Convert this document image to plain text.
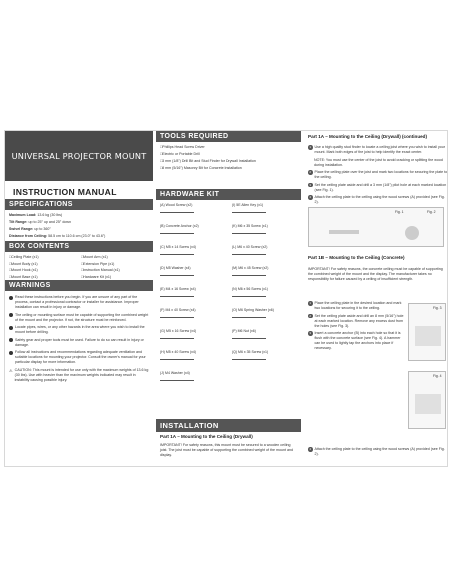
UNIVERSAL PROJECTOR MOUNT
INSTRUCTION MANUAL
SPECIFICATIONS
Maximum Load: 13.6 kg (30 lbs)
Tilt Range: up to 25° up and 25° down
Swivel Range: up to 360°
Distance from Ceiling: 58.5 cm to 110.6 cm (23.0" to 43.6")
BOX CONTENTS
□ Ceiling Plate (x1)	□ Mount Arm (x1)
□ Mount Body (x1)	□ Extension Pipe (x1)
□ Mount Hook (x1)	□ Instruction Manual (x1)
□ Mount Base (x1)	□ Hardware Kit (x1)
WARNINGS
Read these instructions before you begin. If you are unsure of any part of the process, contact a professional contractor or installer for assistance. Improper installation can result in injury or damage.
The ceiling or mounting surface must be capable of supporting the combined weight of the mount and the projector. If not, the structure must be reinforced.
Locate pipes, wires, or any other hazards in the area where you wish to install the mount before drilling.
Safety gear and proper tools must be used. Failure to do so can result in injury or damage.
Follow all instructions and recommendations regarding adequate ventilation and suitable locations for mounting your projector. Consult the owner's manual for your particular display for more information.
⚠ CAUTION: This mount is intended for use only with the maximum weights of 13.6 kg (30 lbs). Use with heavier than the maximum weights indicated may result in instability causing possible injury.
TOOLS REQUIRED
□ Phillips Head Screw Driver
□ Electric or Portable Drill
□ 3 mm (1/8") Drill Bit and Stud Finder for Drywall Installation
□ 8 mm (5/16") Masonry Bit for Concrete Installation
HARDWARE KIT
(A) Wood Screw (x2)	(I) 5E Allen Key (x1)
(B) Concrete Anchor (x2)	(K) M6 x 35 Screw (x1)
(C) M5 x 14 Screw (x4)	(L) M6 x 40 Screw (x2)
(D) M5 Washer (x4)	(M) M6 x 45 Screw (x2)
(E) M4 x 16 Screw (x4)	(N) M6 x 56 Screw (x1)
(F) M4 x 40 Screw (x4)	(O) M6 Spring Washer (x6)
(G) M5 x 16 Screw (x4)	(P) M6 Nut (x6)
(H) M5 x 40 Screw (x4)	(Q) M6 x 35 Screw (x1)
(J) M4 Washer (x4)
INSTALLATION
Part 1A – Mounting to the Ceiling (Drywall)
IMPORTANT! For safety reasons, this mount must be secured to a wooden ceiling joist. The joist must be capable of supporting the combined weight of the mount and display.
Part 1A – Mounting to the Ceiling (Drywall) (continued)
1 Use a high quality stud finder to locate a ceiling joist where you wish to install your mount. Mark both edges of the joist to help identify the exact center.
NOTE: You must use the center of the joist to avoid cracking or splitting the wood during installation.
2 Place the ceiling plate over the joist and mark two locations for securing the plate to the ceiling.
3 Set the ceiling plate aside and drill a 3 mm (1/8") pilot hole at each marked location (see Fig. 1).
4 Attach the ceiling plate to the ceiling using the wood screws (A) provided (see Fig. 2).
Fig. 1	Fig. 2
Part 1B – Mounting to the Ceiling (Concrete)
IMPORTANT! For safety reasons, the concrete ceiling must be capable of supporting the combined weight of the mount and the display. The manufacturer takes no responsibility for failure caused by a ceiling of insufficient strength.
1 Place the ceiling plate in the desired location and mark two locations for securing it to the ceiling.
2 Set the ceiling plate aside and drill an 8 mm (5/16") hole at each marked location. Remove any excess dust from the holes (see Fig. 3).
3 Insert a concrete anchor (B) into each hole so that it is flush with the concrete surface (see Fig. 4). A hammer can be used to lightly tap the anchors into place if necessary.
4 Attach the ceiling plate to the ceiling using the wood screws (A) provided (see Fig. 2).
Fig. 3
Fig. 4
